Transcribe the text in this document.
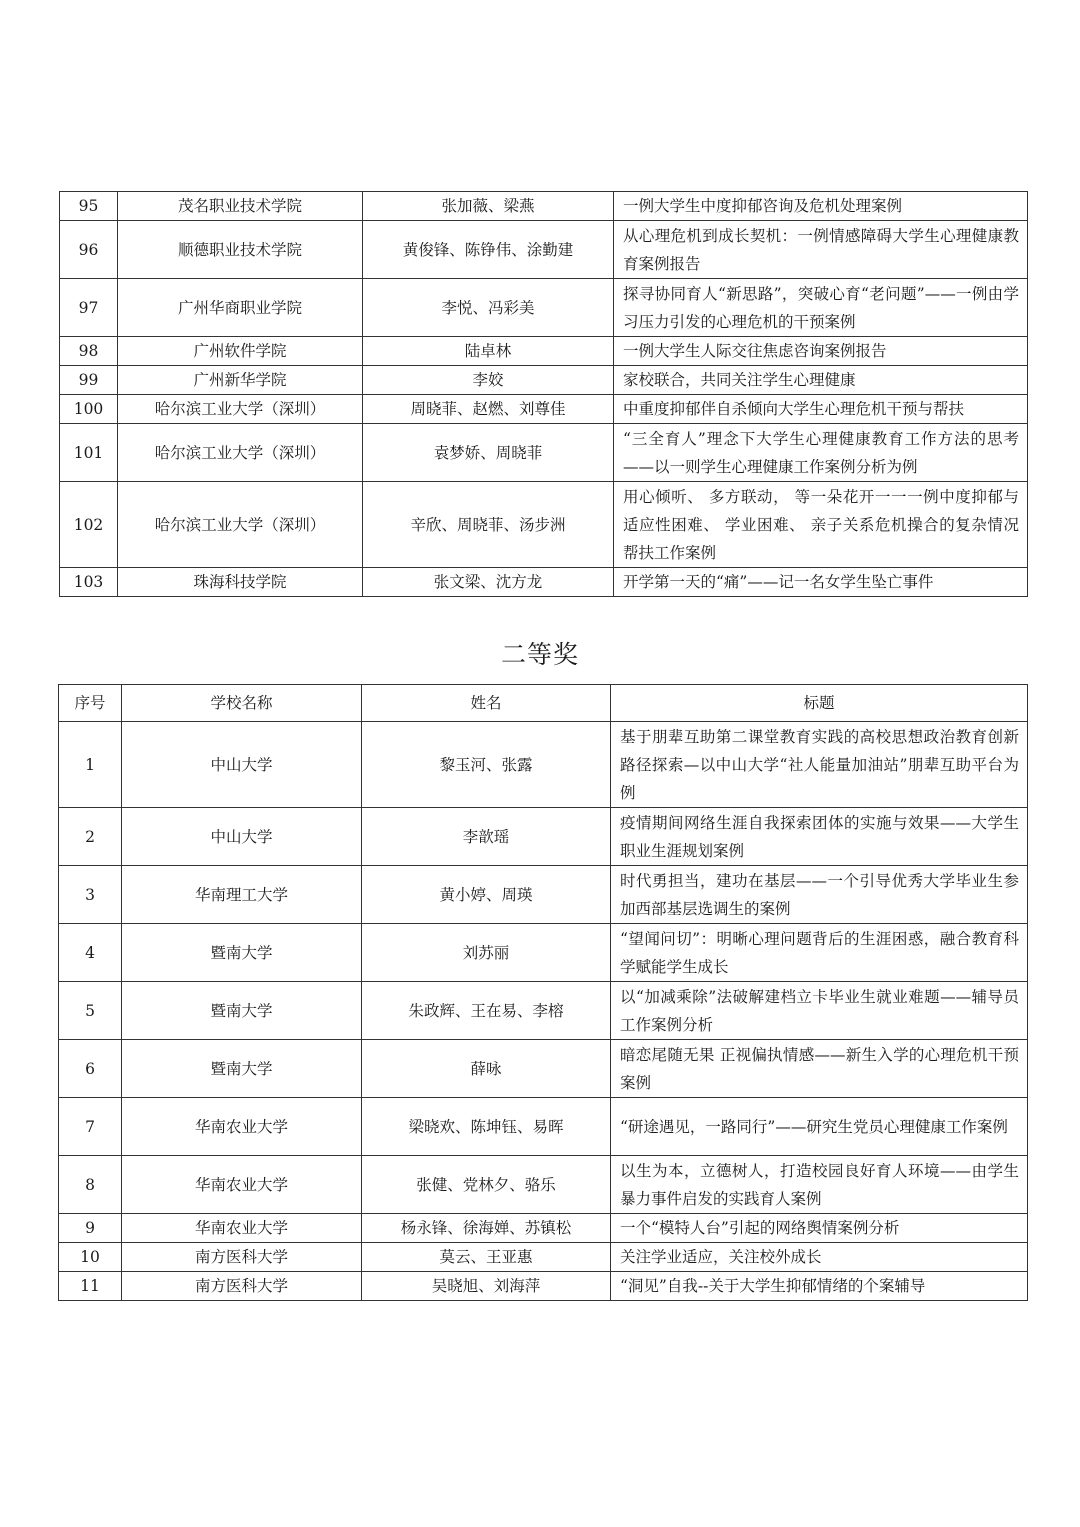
95	茂名职业技术学院	张加薇、梁燕	一例大学生中度抑郁咨询及危机处理案例
96	顺德职业技术学院	黄俊锋、陈铮伟、涂勤建	从心理危机到成长契机：一例情感障碍大学生心理健康教育案例报告
97	广州华商职业学院	李悦、冯彩美	探寻协同育人“新思路”，突破心育“老问题”——一例由学习压力引发的心理危机的干预案例
98	广州软件学院	陆卓林	一例大学生人际交往焦虑咨询案例报告
99	广州新华学院	李姣	家校联合，共同关注学生心理健康
100	哈尔滨工业大学（深圳）	周晓菲、赵燃、刘尊佳	中重度抑郁伴自杀倾向大学生心理危机干预与帮扶
101	哈尔滨工业大学（深圳）	袁梦娇、周晓菲	“三全育人”理念下大学生心理健康教育工作方法的思考——以一则学生心理健康工作案例分析为例
102	哈尔滨工业大学（深圳）	辛欣、周晓菲、汤步洲	用心倾听、 多方联动， 等一朵花开一一一例中度抑郁与适应性困难、 学业困难、 亲子关系危机操合的复杂情况帮扶工作案例
103	珠海科技学院	张文梁、沈方龙	开学第一天的“痛”——记一名女学生坠亡事件
二等奖
序号	学校名称	姓名	标题
1	中山大学	黎玉河、张露	基于朋辈互助第二课堂教育实践的高校思想政治教育创新路径探索—以中山大学“社人能量加油站”朋辈互助平台为例
2	中山大学	李歆瑶	疫情期间网络生涯自我探索团体的实施与效果——大学生职业生涯规划案例
3	华南理工大学	黄小婷、周瑛	时代勇担当，建功在基层——一个引导优秀大学毕业生参加西部基层选调生的案例
4	暨南大学	刘苏丽	“望闻问切”：明晰心理问题背后的生涯困惑，融合教育科学赋能学生成长
5	暨南大学	朱政辉、王在易、李榕	以“加减乘除”法破解建档立卡毕业生就业难题——辅导员工作案例分析
6	暨南大学	薛咏	暗恋尾随无果 正视偏执情感——新生入学的心理危机干预案例
7	华南农业大学	梁晓欢、陈坤钰、易晖	“研途遇见，一路同行”——研究生党员心理健康工作案例
8	华南农业大学	张健、党林夕、骆乐	以生为本，立德树人，打造校园良好育人环境——由学生暴力事件启发的实践育人案例
9	华南农业大学	杨永锋、徐海婵、苏镇松	一个“模特人台”引起的网络舆情案例分析
10	南方医科大学	莫云、王亚惠	关注学业适应，关注校外成长
11	南方医科大学	吴晓旭、刘海萍	“洞见”自我--关于大学生抑郁情绪的个案辅导
